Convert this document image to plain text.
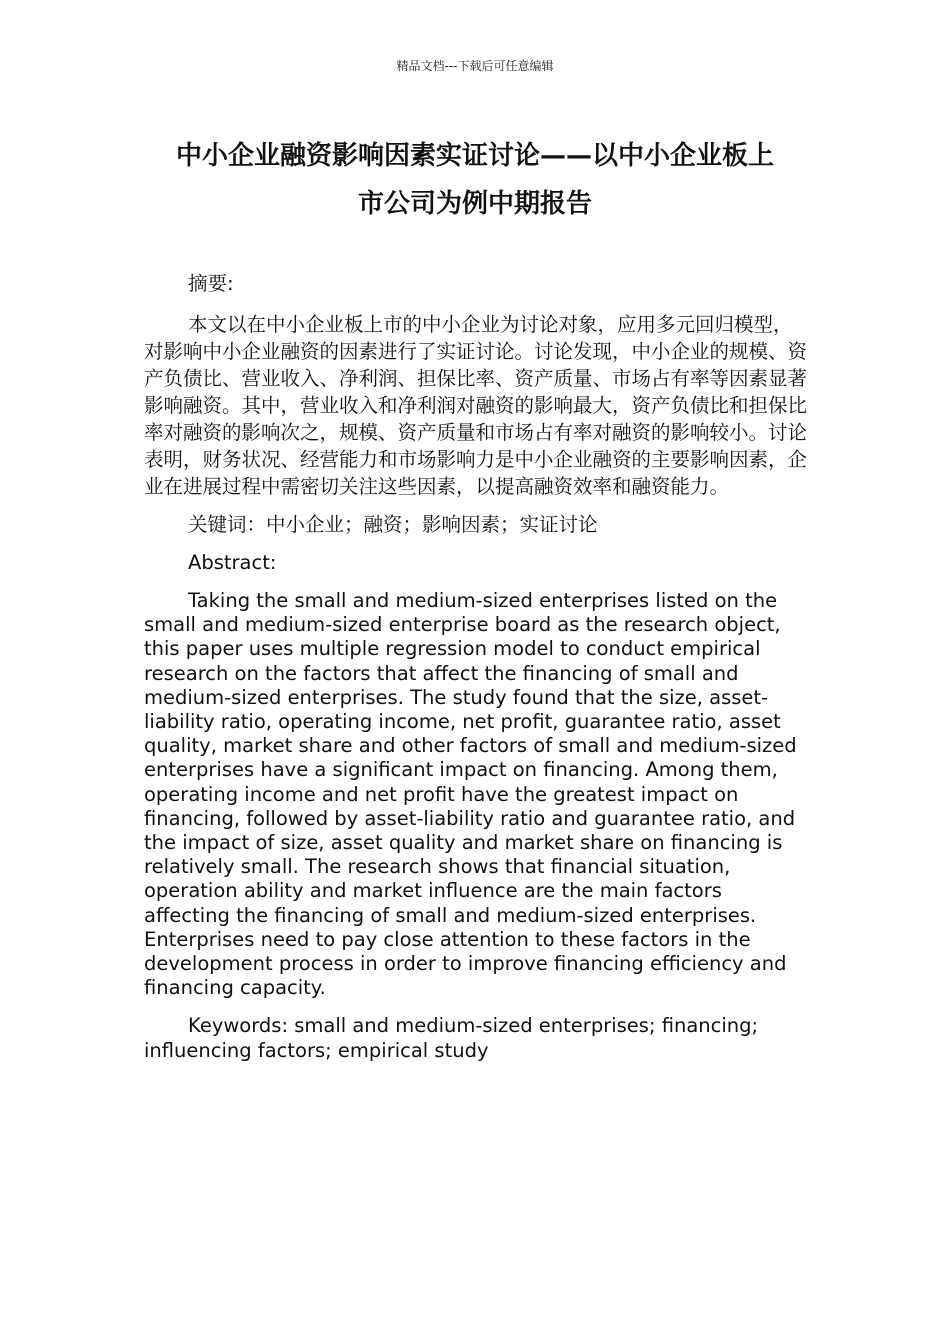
精品文档---下载后可任意编辑
中小企业融资影响因素实证讨论——以中小企业板上
市公司为例中期报告

摘要:

本文以在中小企业板上市的中小企业为讨论对象，应用多元回归模型，对影响中小企业融资的因素进行了实证讨论。讨论发现，中小企业的规模、资产负债比、营业收入、净利润、担保比率、资产质量、市场占有率等因素显著影响融资。其中，营业收入和净利润对融资的影响最大，资产负债比和担保比率对融资的影响次之，规模、资产质量和市场占有率对融资的影响较小。讨论表明，财务状况、经营能力和市场影响力是中小企业融资的主要影响因素，企业在进展过程中需密切关注这些因素，以提高融资效率和融资能力。

关键词：中小企业；融资；影响因素；实证讨论

Abstract:

Taking the small and medium-sized enterprises listed on the small and medium-sized enterprise board as the research object, this paper uses multiple regression model to conduct empirical research on the factors that affect the financing of small and medium-sized enterprises. The study found that the size, asset-liability ratio, operating income, net profit, guarantee ratio, asset quality, market share and other factors of small and medium-sized enterprises have a significant impact on financing. Among them, operating income and net profit have the greatest impact on financing, followed by asset-liability ratio and guarantee ratio, and the impact of size, asset quality and market share on financing is relatively small. The research shows that financial situation, operation ability and market influence are the main factors affecting the financing of small and medium-sized enterprises. Enterprises need to pay close attention to these factors in the development process in order to improve financing efficiency and financing capacity.

Keywords: small and medium-sized enterprises; financing; influencing factors; empirical study
